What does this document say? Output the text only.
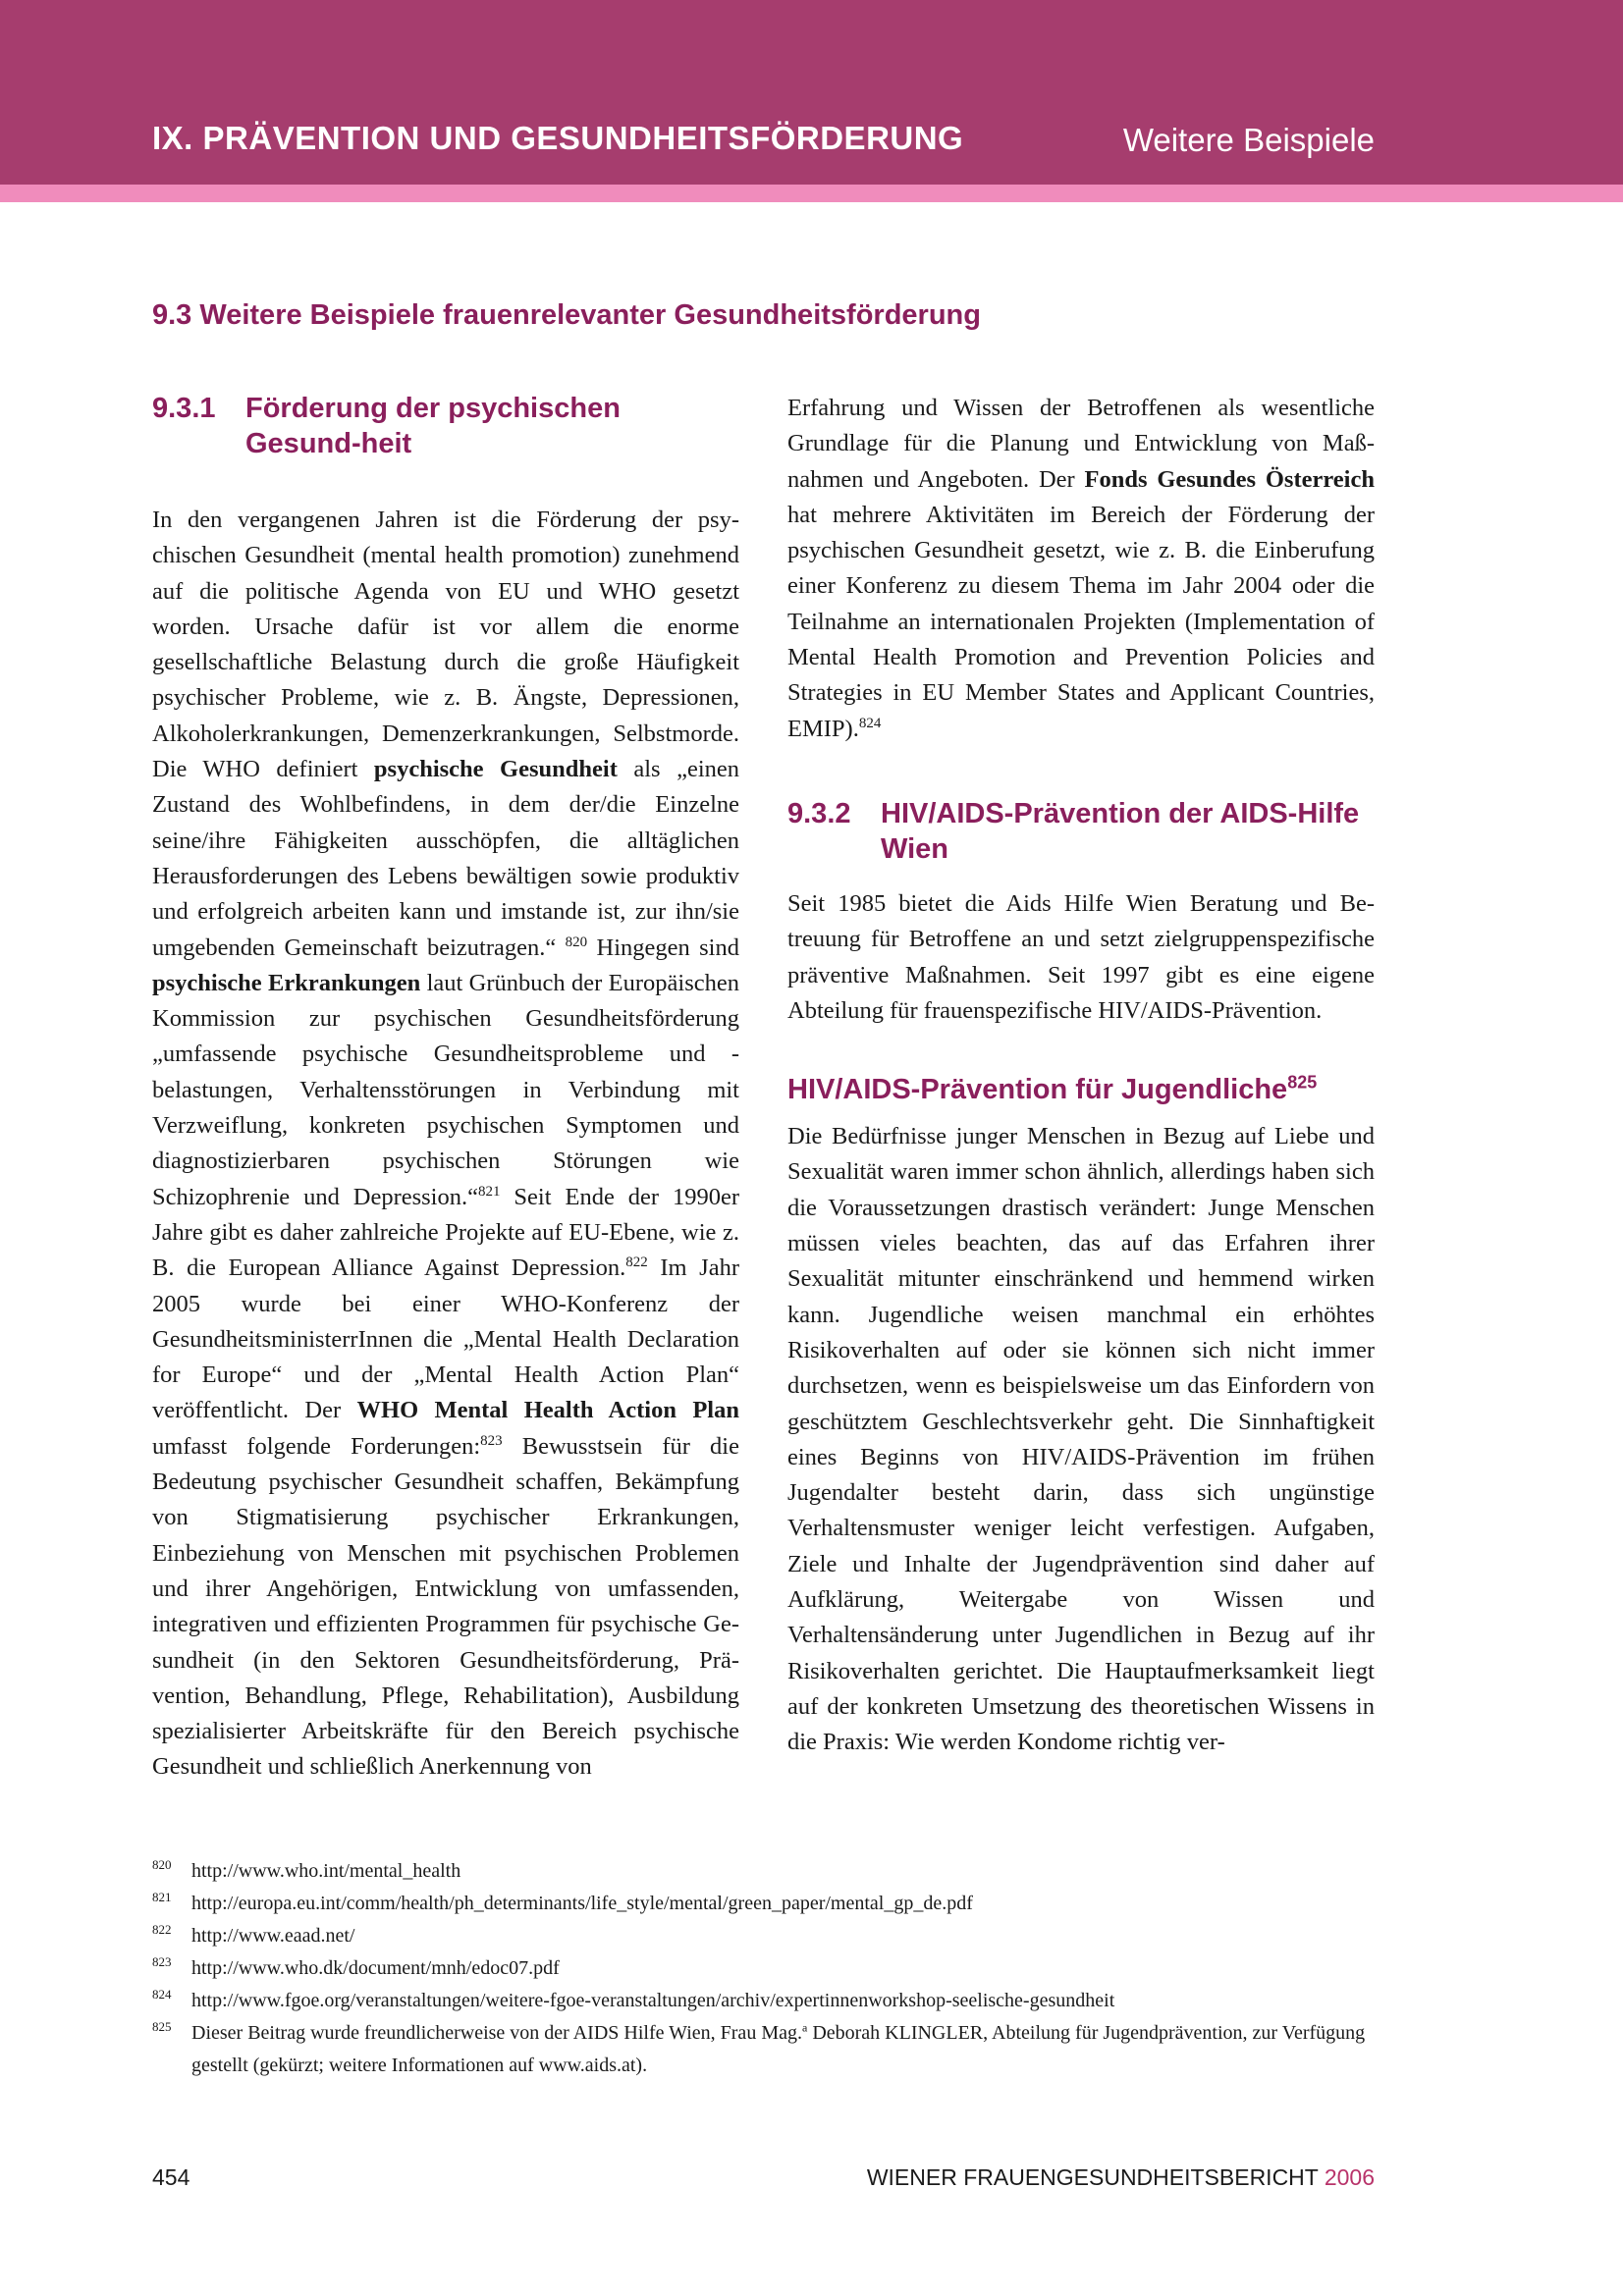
IX. PRÄVENTION UND GESUNDHEITSFÖRDERUNG	Weitere Beispiele
9.3 Weitere Beispiele frauenrelevanter Gesundheitsförderung
9.3.1 Förderung der psychischen Gesund-heit

In den vergangenen Jahren ist die Förderung der psychischen Gesundheit (mental health promotion) zunehmend auf die politische Agenda von EU und WHO gesetzt worden. Ursache dafür ist vor allem die enorme gesellschaftliche Belastung durch die große Häufigkeit psychischer Probleme, wie z. B. Ängste, Depressionen, Alkoholerkrankungen, Demenzerkrankungen, Selbstmorde. Die WHO definiert psychische Gesundheit als „einen Zustand des Wohlbefindens, in dem der/die Einzelne seine/ihre Fähigkeiten ausschöpfen, die alltäglichen Herausforderungen des Lebens bewältigen sowie produktiv und erfolgreich arbeiten kann und imstande ist, zur ihn/sie umgebenden Gemeinschaft beizutragen.“ $^{820}$ Hingegen sind psychische Erkrankungen laut Grünbuch der Europäischen Kommission zur psychischen Gesundheitsförderung „umfassende psychische Gesundheitsprobleme und -belastungen, Verhaltensstörungen in Verbindung mit Verzweiflung, konkreten psychischen Symptomen und diagnostizierbaren psychischen Störungen wie Schizophrenie und Depression.“$^{821}$ Seit Ende der 1990er Jahre gibt es daher zahlreiche Projekte auf EU-Ebene, wie z. B. die European Alliance Against Depression.$^{822}$ Im Jahr 2005 wurde bei einer WHO-Konferenz der GesundheitsministerrInnen die „Mental Health Declaration for Europe“ und der „Mental Health Action Plan“ veröffentlicht. Der WHO Mental Health Action Plan umfasst folgende Forderungen:$^{823}$ Bewusstsein für die Bedeutung psychischer Gesundheit schaffen, Bekämpfung von Stigmatisierung psychischer Erkrankungen, Einbeziehung von Menschen mit psychischen Problemen und ihrer Angehörigen, Entwicklung von umfassenden, integrativen und effizienten Programmen für psychische Gesundheit (in den Sektoren Gesundheitsförderung, Prävention, Behandlung, Pflege, Rehabilitation), Ausbildung spezialisierter Arbeitskräfte für den Bereich psychische Gesundheit und schließlich Anerkennung von

Erfahrung und Wissen der Betroffenen als wesentliche Grundlage für die Planung und Entwicklung von Maßnahmen und Angeboten. Der Fonds Gesundes Österreich hat mehrere Aktivitäten im Bereich der Förderung der psychischen Gesundheit gesetzt, wie z. B. die Einberufung einer Konferenz zu diesem Thema im Jahr 2004 oder die Teilnahme an internationalen Projekten (Implementation of Mental Health Promotion and Prevention Policies and Strategies in EU Member States and Applicant Countries, EMIP).$^{824}$

9.3.2 HIV/AIDS-Prävention der AIDS-Hilfe Wien

Seit 1985 bietet die Aids Hilfe Wien Beratung und Betreuung für Betroffene an und setzt zielgruppenspezifische präventive Maßnahmen. Seit 1997 gibt es eine eigene Abteilung für frauenspezifische HIV/AIDS-Prävention.

HIV/AIDS-Prävention für Jugendliche$^{825}$

Die Bedürfnisse junger Menschen in Bezug auf Liebe und Sexualität waren immer schon ähnlich, allerdings haben sich die Voraussetzungen drastisch verändert: Junge Menschen müssen vieles beachten, das auf das Erfahren ihrer Sexualität mitunter einschränkend und hemmend wirken kann. Jugendliche weisen manchmal ein erhöhtes Risikoverhalten auf oder sie können sich nicht immer durchsetzen, wenn es beispielsweise um das Einfordern von geschütztem Geschlechtsverkehr geht. Die Sinnhaftigkeit eines Beginns von HIV/AIDS-Prävention im frühen Jugendalter besteht darin, dass sich ungünstige Verhaltensmuster weniger leicht verfestigen. Aufgaben, Ziele und Inhalte der Jugendprävention sind daher auf Aufklärung, Weitergabe von Wissen und Verhaltensänderung unter Jugendlichen in Bezug auf ihr Risikoverhalten gerichtet. Die Hauptaufmerksamkeit liegt auf der konkreten Umsetzung des theoretischen Wissens in die Praxis: Wie werden Kondome richtig ver-

820 http://www.who.int/mental_health
821 http://europa.eu.int/comm/health/ph_determinants/life_style/mental/green_paper/mental_gp_de.pdf
822 http://www.eaad.net/
823 http://www.who.dk/document/mnh/edoc07.pdf
824 http://www.fgoe.org/veranstaltungen/weitere-fgoe-veranstaltungen/archiv/expertinnenworkshop-seelische-gesundheit
825 Dieser Beitrag wurde freundlicherweise von der AIDS Hilfe Wien, Frau Mag.$^a$ Deborah KLINGLER, Abteilung für Jugendprävention, zur Verfügung gestellt (gekürzt; weitere Informationen auf www.aids.at).
454	WIENER FRAUENGESUNDHEITSBERICHT 2006
